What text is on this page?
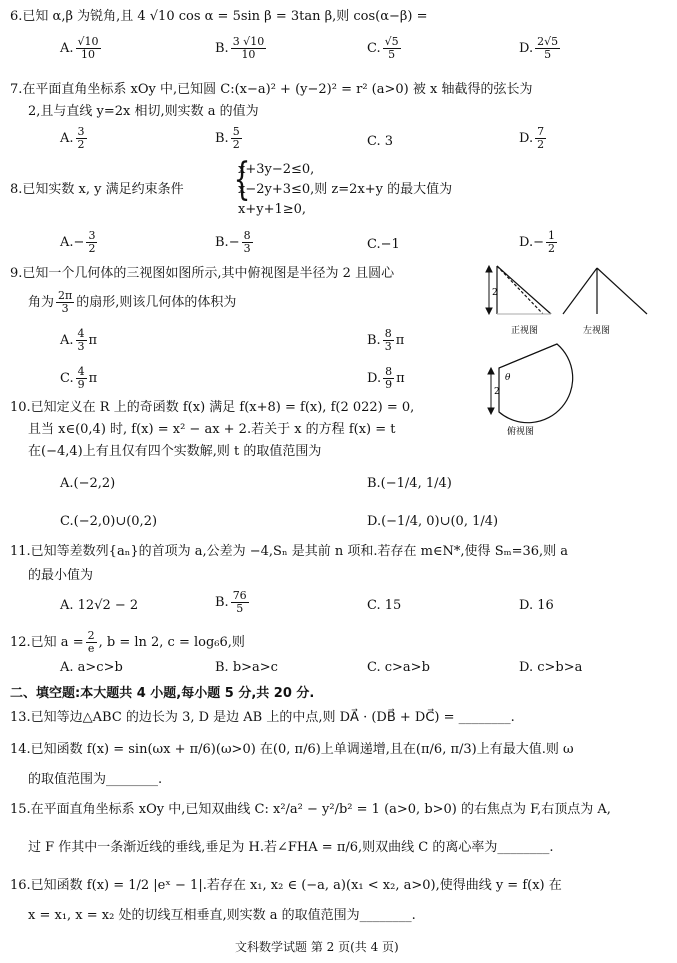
6.已知 α,β 为锐角,且 4 √10 cos α = 5sin β = 3tan β,则 cos(α−β) =
A. $\frac{√10}{10}$	B. $\frac{3 √10}{10}$	C. $\frac{√5}{5}$	D. $\frac{2√5}{5}$
7.在平面直角坐标系 xOy 中,已知圆 C:(x−a)² + (y−2)² = r² (a>0) 被 x 轴截得的弦长为
2,且与直线 y=2x 相切,则实数 a 的值为
A. $\frac{3}{2}$	B. $\frac{5}{2}$	C. 3	D. $\frac{7}{2}$
8.已知实数 x, y 满足约束条件 {
x+3y−2≤0,
x−2y+3≤0,则 z=2x+y 的最大值为
x+y+1≥0,
$A.- \frac{3}{2}$	$B.- \frac{8}{3}$	C.−1	$D.- \frac{1}{2}$
9.已知一个几何体的三视图如图所示,其中俯视图是半径为 2 且圆心
角为 $\frac{2\pi}{3}$ 的扇形,则该几何体的体积为
A. $\frac{4}{3}$ π	B. $\frac{8}{3}$ π
C. $\frac{4}{9}$ π	D. $\frac{8}{9}$ π
2
正视图	左视图
2
θ
俯视图
10.已知定义在 R 上的奇函数 f(x) 满足 f(x+8) = f(x), f(2 022) = 0,
且当 x∈(0,4) 时, f(x) = x² − ax + 2.若关于 x 的方程 f(x) = t
在(−4,4)上有且仅有四个实数解,则 t 的取值范围为
A.(−2,2)	B.(−1/4, 1/4)
C.(−2,0)∪(0,2)	D.(−1/4, 0)∪(0, 1/4)
11.已知等差数列{aₙ}的首项为 a,公差为 −4,Sₙ 是其前 n 项和.若存在 m∈N*,使得 Sₘ=36,则 a
的最小值为
A. 12√2 − 2	B. $\frac{76}{5}$	C. 15	D. 16
12.已知 $a = \frac{2}{e}$ , b = ln 2, c = log₆6,则
A. a>c>b	B. b>a>c	C. c>a>b	D. c>b>a
二、填空题:本大题共 4 小题,每小题 5 分,共 20 分.
13.已知等边△ABC 的边长为 3, D 是边 AB 上的中点,则 DA⃗ · (DB⃗ + DC⃗) = ________.
14.已知函数 f(x) = sin(ωx + π/6)(ω>0) 在(0, π/6)上单调递增,且在(π/6, π/3)上有最大值.则 ω
的取值范围为________.
15.在平面直角坐标系 xOy 中,已知双曲线 C: x²/a² − y²/b² = 1 (a>0, b>0) 的右焦点为 F,右顶点为 A,
过 F 作其中一条渐近线的垂线,垂足为 H.若∠FHA = π/6,则双曲线 C 的离心率为________.
16.已知函数 f(x) = 1/2 |eˣ − 1|.若存在 x₁, x₂ ∈ (−a, a)(x₁ < x₂, a>0),使得曲线 y = f(x) 在
x = x₁, x = x₂ 处的切线互相垂直,则实数 a 的取值范围为________.
文科数学试题 第 2 页(共 4 页)
